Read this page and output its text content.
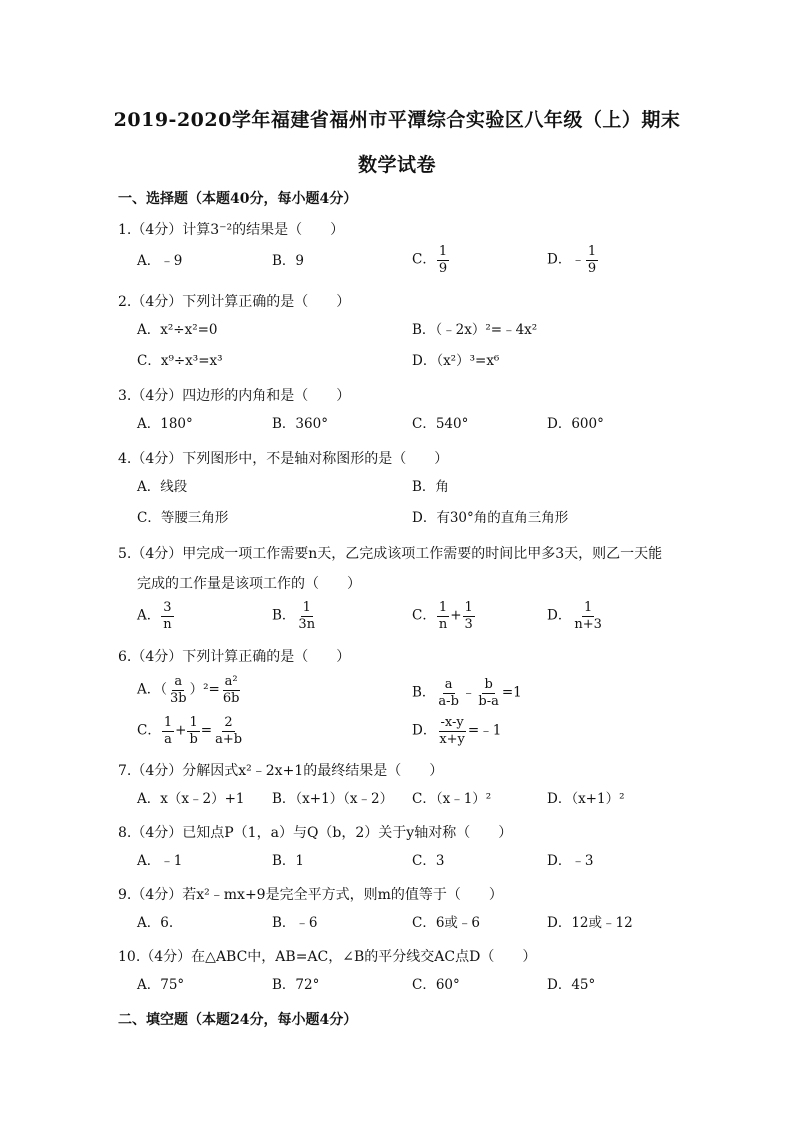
2019-2020学年福建省福州市平潭综合实验区八年级（上）期末
数学试卷
一、选择题（本题40分，每小题4分）
1.（4分）计算3⁻²的结果是（　　）
A．﹣9	B．9	C． $\frac{1}{9}$	D．﹣ $\frac{1}{9}$
2.（4分）下列计算正确的是（　　）
A．x²÷x²=0	B．（﹣2x）²=﹣4x²
C．x⁹÷x³=x³	D．（x²）³=x⁶
3.（4分）四边形的内角和是（　　）
A．180°	B．360°	C．540°	D．600°
4.（4分）下列图形中，不是轴对称图形的是（　　）
A．线段	B．角
C．等腰三角形	D．有30°角的直角三角形
5.（4分）甲完成一项工作需要n天，乙完成该项工作需要的时间比甲多3天，则乙一天能
完成的工作量是该项工作的（　　）
A． $\frac{3}{n}$	B． $\frac{1}{3n}$	C． $\frac{1}{n} + \frac{1}{3}$	D． $\frac{1}{n+3}$
6.（4分）下列计算正确的是（　　）
A．（ $\frac{a}{3b} )^2= \frac{\text{a²}}{6b}$	B． $\frac{a}{a-b}$ ﹣ $\frac{b}{b-a} =1$
C． $\frac{1}{a} + \frac{1}{b} = \frac{2}{a+b}$	D． $\frac{-x-y}{x+y}$ =﹣1
7.（4分）分解因式x²﹣2x+1的最终结果是（　　）
A．x（x﹣2）+1 B．（x+1）（x﹣2） C．（x﹣1）²	D．（x+1）²
8.（4分）已知点P（1，a）与Q（b，2）关于y轴对称（　　）
A．﹣1	B．1	C．3	D．﹣3
9.（4分）若x²﹣mx+9是完全平方式，则m的值等于（　　）
A．6.	B．﹣6	C．6或﹣6	D．12或﹣12
10.（4分）在△ABC中，AB=AC，∠B的平分线交AC点D（　　）
A．75°	B．72°	C．60°	D．45°
二、填空题（本题24分，每小题4分）
